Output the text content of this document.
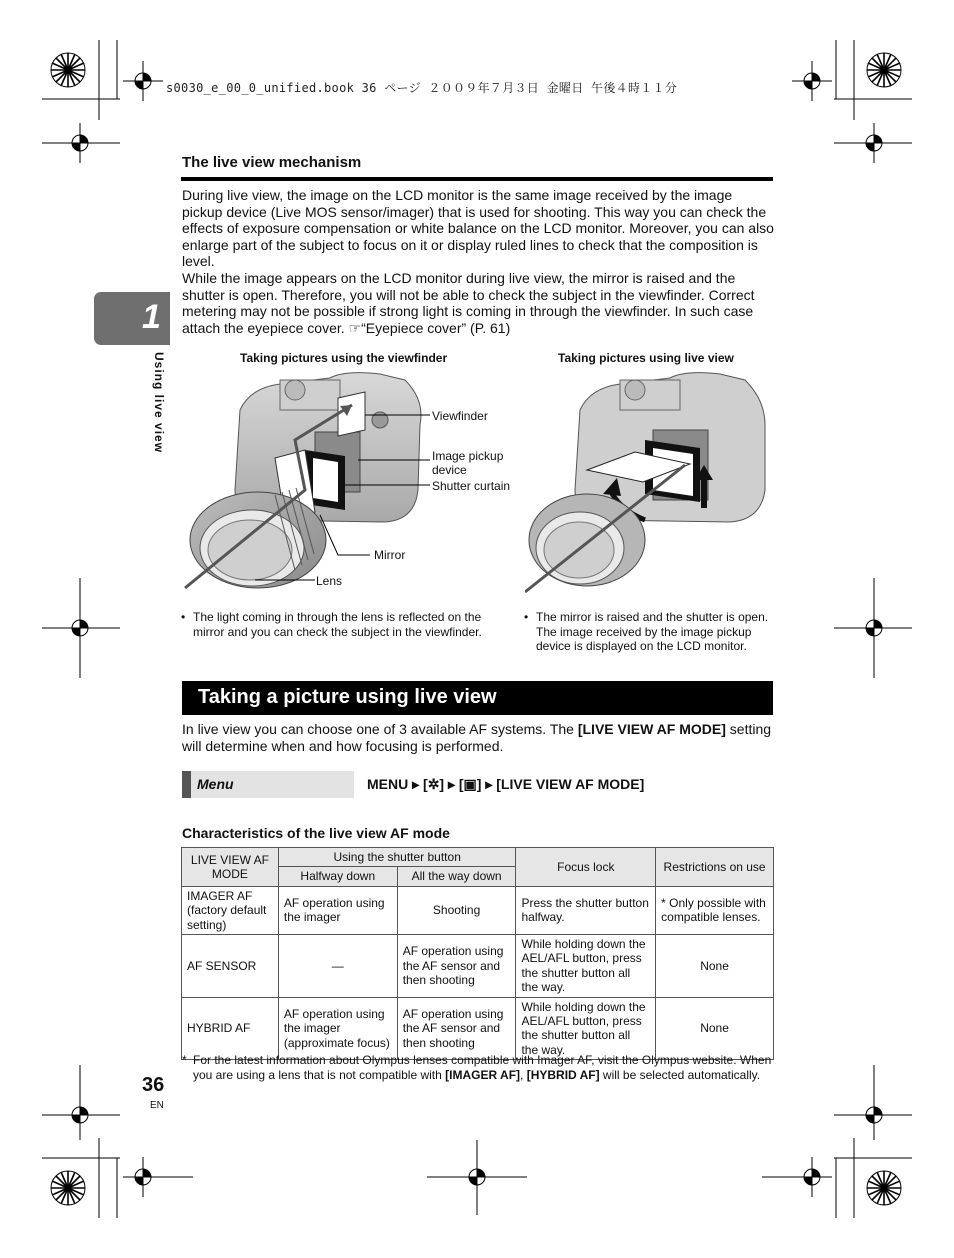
s0030_e_00_0_unified.book 36 ページ ２００９年７月３日 金曜日 午後４時１１分
The live view mechanism

During live view, the image on the LCD monitor is the same image received by the image pickup device (Live MOS sensor/imager) that is used for shooting. This way you can check the effects of exposure compensation or white balance on the LCD monitor. Moreover, you can also enlarge part of the subject to focus on it or display ruled lines to check that the composition is level.

While the image appears on the LCD monitor during live view, the mirror is raised and the shutter is open. Therefore, you will not be able to check the subject in the viewfinder. Correct metering may not be possible if strong light is coming in through the viewfinder. In such case attach the eyepiece cover. ☞“Eyepiece cover” (P. 61)

1
Using live view	Taking pictures using the viewfinder	Taking pictures using live view
Viewfinder
Image pickup device
Shutter curtain
Mirror
Lens
• The light coming in through the lens is reflected on the mirror and you can check the subject in the viewfinder.
• The mirror is raised and the shutter is open. The image received by the image pickup device is displayed on the LCD monitor.
Taking a picture using live view
In live view you can choose one of 3 available AF systems. The [LIVE VIEW AF MODE] setting will determine when and how focusing is performed.
Menu	MENU ▸ [✲] ▸ [▣] ▸ [LIVE VIEW AF MODE]
Characteristics of the live view AF mode
LIVE VIEW AF MODE	Using the shutter button		Focus lock	Restrictions on use
	Halfway down	All the way down		
IMAGER AF (factory default setting)	AF operation using the imager	Shooting	Press the shutter button halfway.	* Only possible with compatible lenses.
AF SENSOR	—	AF operation using the AF sensor and then shooting	While holding down the AEL/AFL button, press the shutter button all the way.	None
HYBRID AF	AF operation using the imager (approximate focus)	AF operation using the AF sensor and then shooting	While holding down the AEL/AFL button, press the shutter button all the way.	None
* For the latest information about Olympus lenses compatible with Imager AF, visit the Olympus website. When you are using a lens that is not compatible with [IMAGER AF], [HYBRID AF] will be selected automatically.
36
EN
